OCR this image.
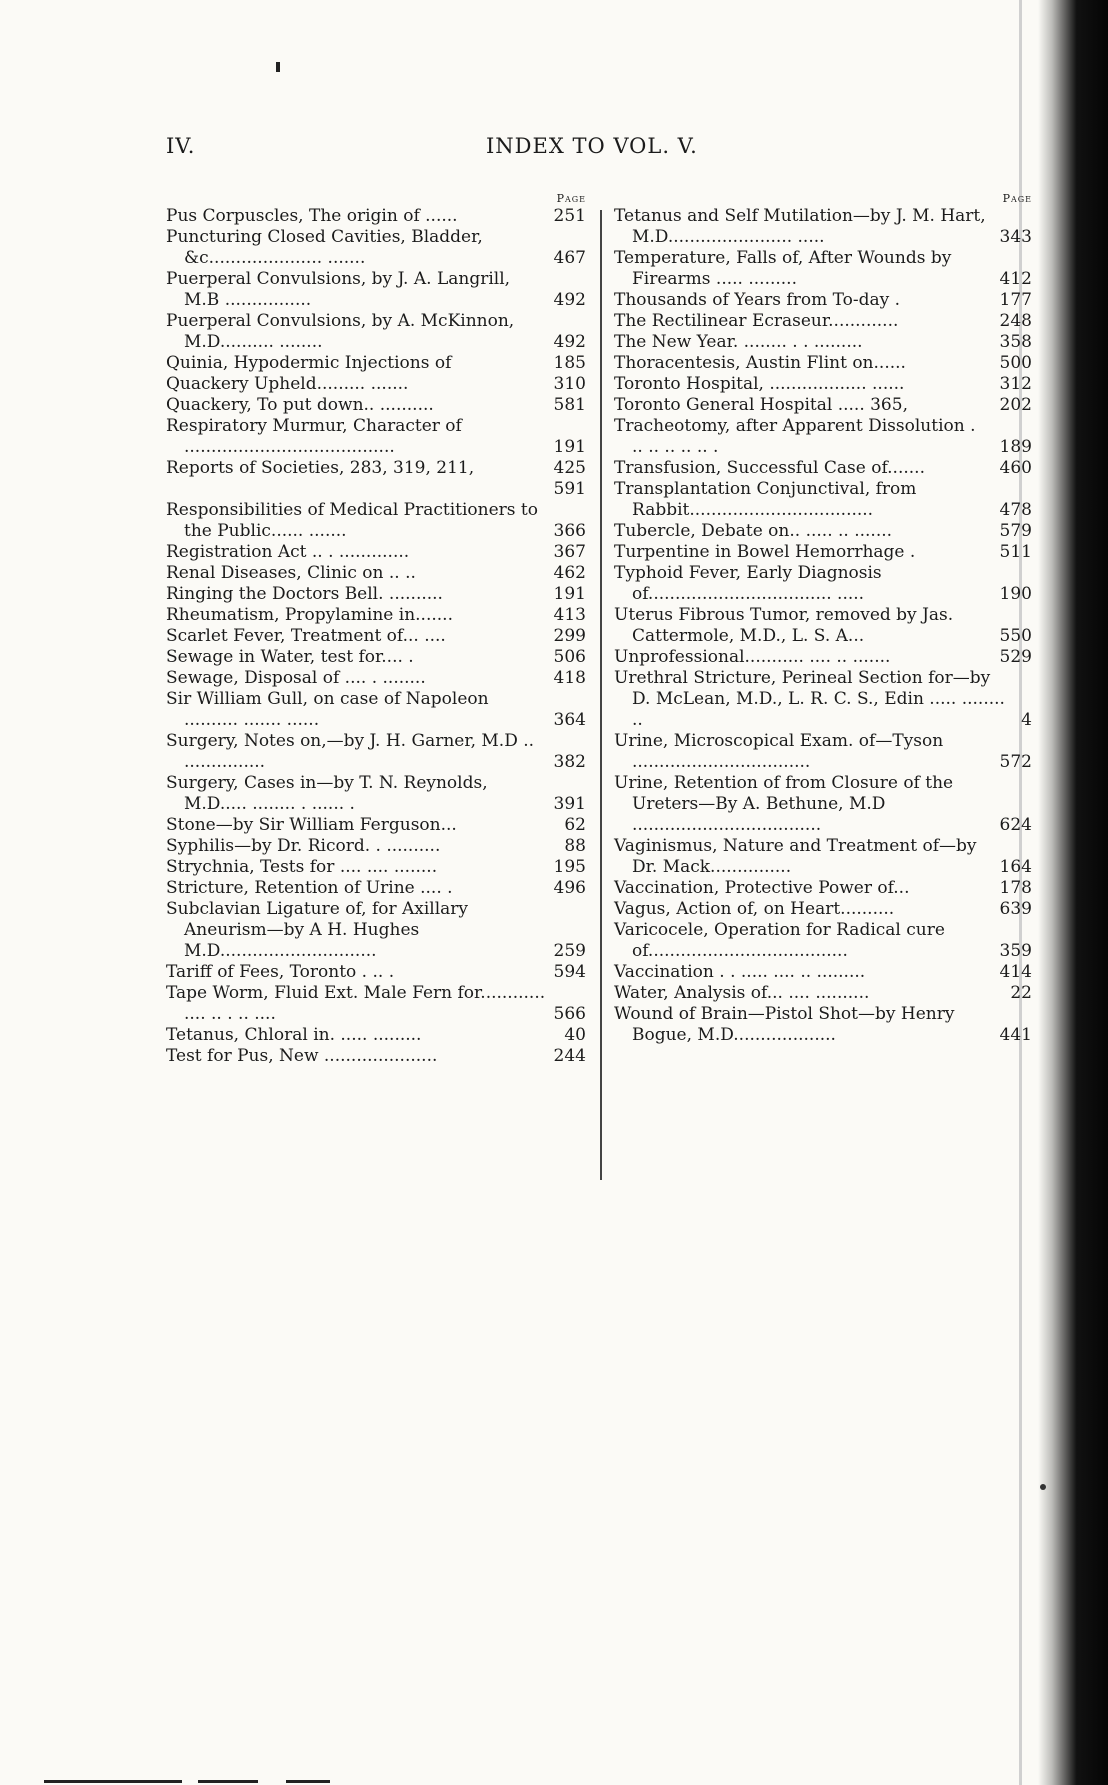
IV.	INDEX TO VOL. V.
Page
Pus Corpuscles, The origin of ......	251
Puncturing Closed Cavities, Bladder, &c..................... .......	467
Puerperal Convulsions, by J. A. Langrill, M.B ................	492
Puerperal Convulsions, by A. McKinnon, M.D.......... ........	492
Quinia, Hypodermic Injections of	185
Quackery Upheld......... .......	310
Quackery, To put down.. ..........	581
Respiratory Murmur, Character of .......................................	191
Reports of Societies, 283, 319, 211,	425
591
Responsibilities of Medical Practitioners to the Public...... .......	366
Registration Act .. . .............	367
Renal Diseases, Clinic on .. ..	462
Ringing the Doctors Bell. ..........	191
Rheumatism, Propylamine in.......	413
Scarlet Fever, Treatment of... ....	299
Sewage in Water, test for.... .	506
Sewage, Disposal of .... . ........	418
Sir William Gull, on case of Napoleon .......... ....... ......	364
Surgery, Notes on,—by J. H. Garner, M.D .. ...............	382
Surgery, Cases in—by T. N. Reynolds, M.D..... ........ . ...... .	391
Stone—by Sir William Ferguson...	62
Syphilis—by Dr. Ricord. . ..........	88
Strychnia, Tests for .... .... ........	195
Stricture, Retention of Urine .... .	496
Subclavian Ligature of, for Axillary Aneurism—by A H. Hughes M.D.............................	259
Tariff of Fees, Toronto . .. .	594
Tape Worm, Fluid Ext. Male Fern for............ .... .. . .. ....	566
Tetanus, Chloral in. ..... .........	40
Test for Pus, New .....................	244
Page
Tetanus and Self Mutilation—by J. M. Hart, M.D....................... .....	343
Temperature, Falls of, After Wounds by Firearms ..... .........	412
Thousands of Years from To-day .	177
The Rectilinear Ecraseur.............	248
The New Year. ........ . . .........	358
Thoracentesis, Austin Flint on......	500
Toronto Hospital, .................. ......	312
Toronto General Hospital ..... 365,	202
Tracheotomy, after Apparent Dissolution . .. .. .. .. .. .	189
Transfusion, Successful Case of.......	460
Transplantation Conjunctival, from Rabbit..................................	478
Tubercle, Debate on.. ..... .. .......	579
Turpentine in Bowel Hemorrhage .	511
Typhoid Fever, Early Diagnosis of.................................. .....	190
Uterus Fibrous Tumor, removed by Jas. Cattermole, M.D., L. S. A...	550
Unprofessional........... .... .. .......	529
Urethral Stricture, Perineal Section for—by D. McLean, M.D., L. R. C. S., Edin ..... ........ ..	4
Urine, Microscopical Exam. of—Tyson .................................	572
Urine, Retention of from Closure of the Ureters—By A. Bethune, M.D ...................................	624
Vaginismus, Nature and Treatment of—by Dr. Mack...............	164
Vaccination, Protective Power of...	178
Vagus, Action of, on Heart..........	639
Varicocele, Operation for Radical cure of.....................................	359
Vaccination . . ..... .... .. .........	414
Water, Analysis of... .... ..........	22
Wound of Brain—Pistol Shot—by Henry Bogue, M.D...................	441
